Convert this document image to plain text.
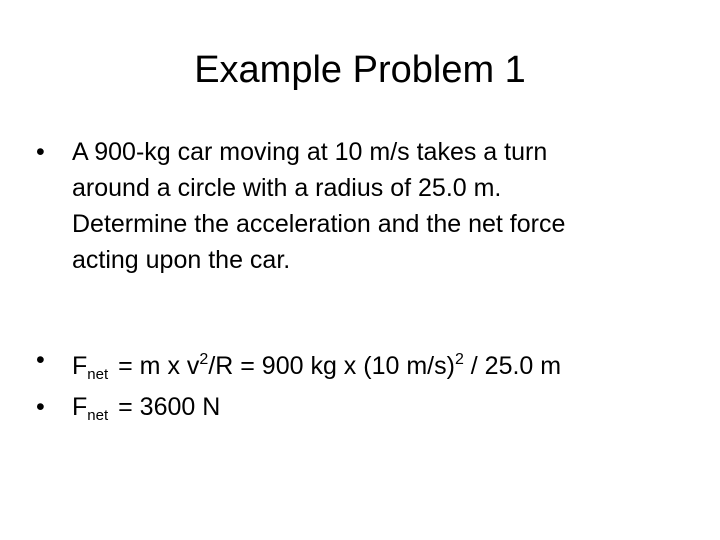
Example Problem 1
•	A 900-kg car moving at 10 m/s takes a turn
around a circle with a radius of 25.0 m.
Determine the acceleration and the net force
acting upon the car.
•	$F_{net} = m$ x $v^2/R = 900$ kg x (10 m/s)$^2$ / 25.0 m
•	$F_{net} = 3600$ N
